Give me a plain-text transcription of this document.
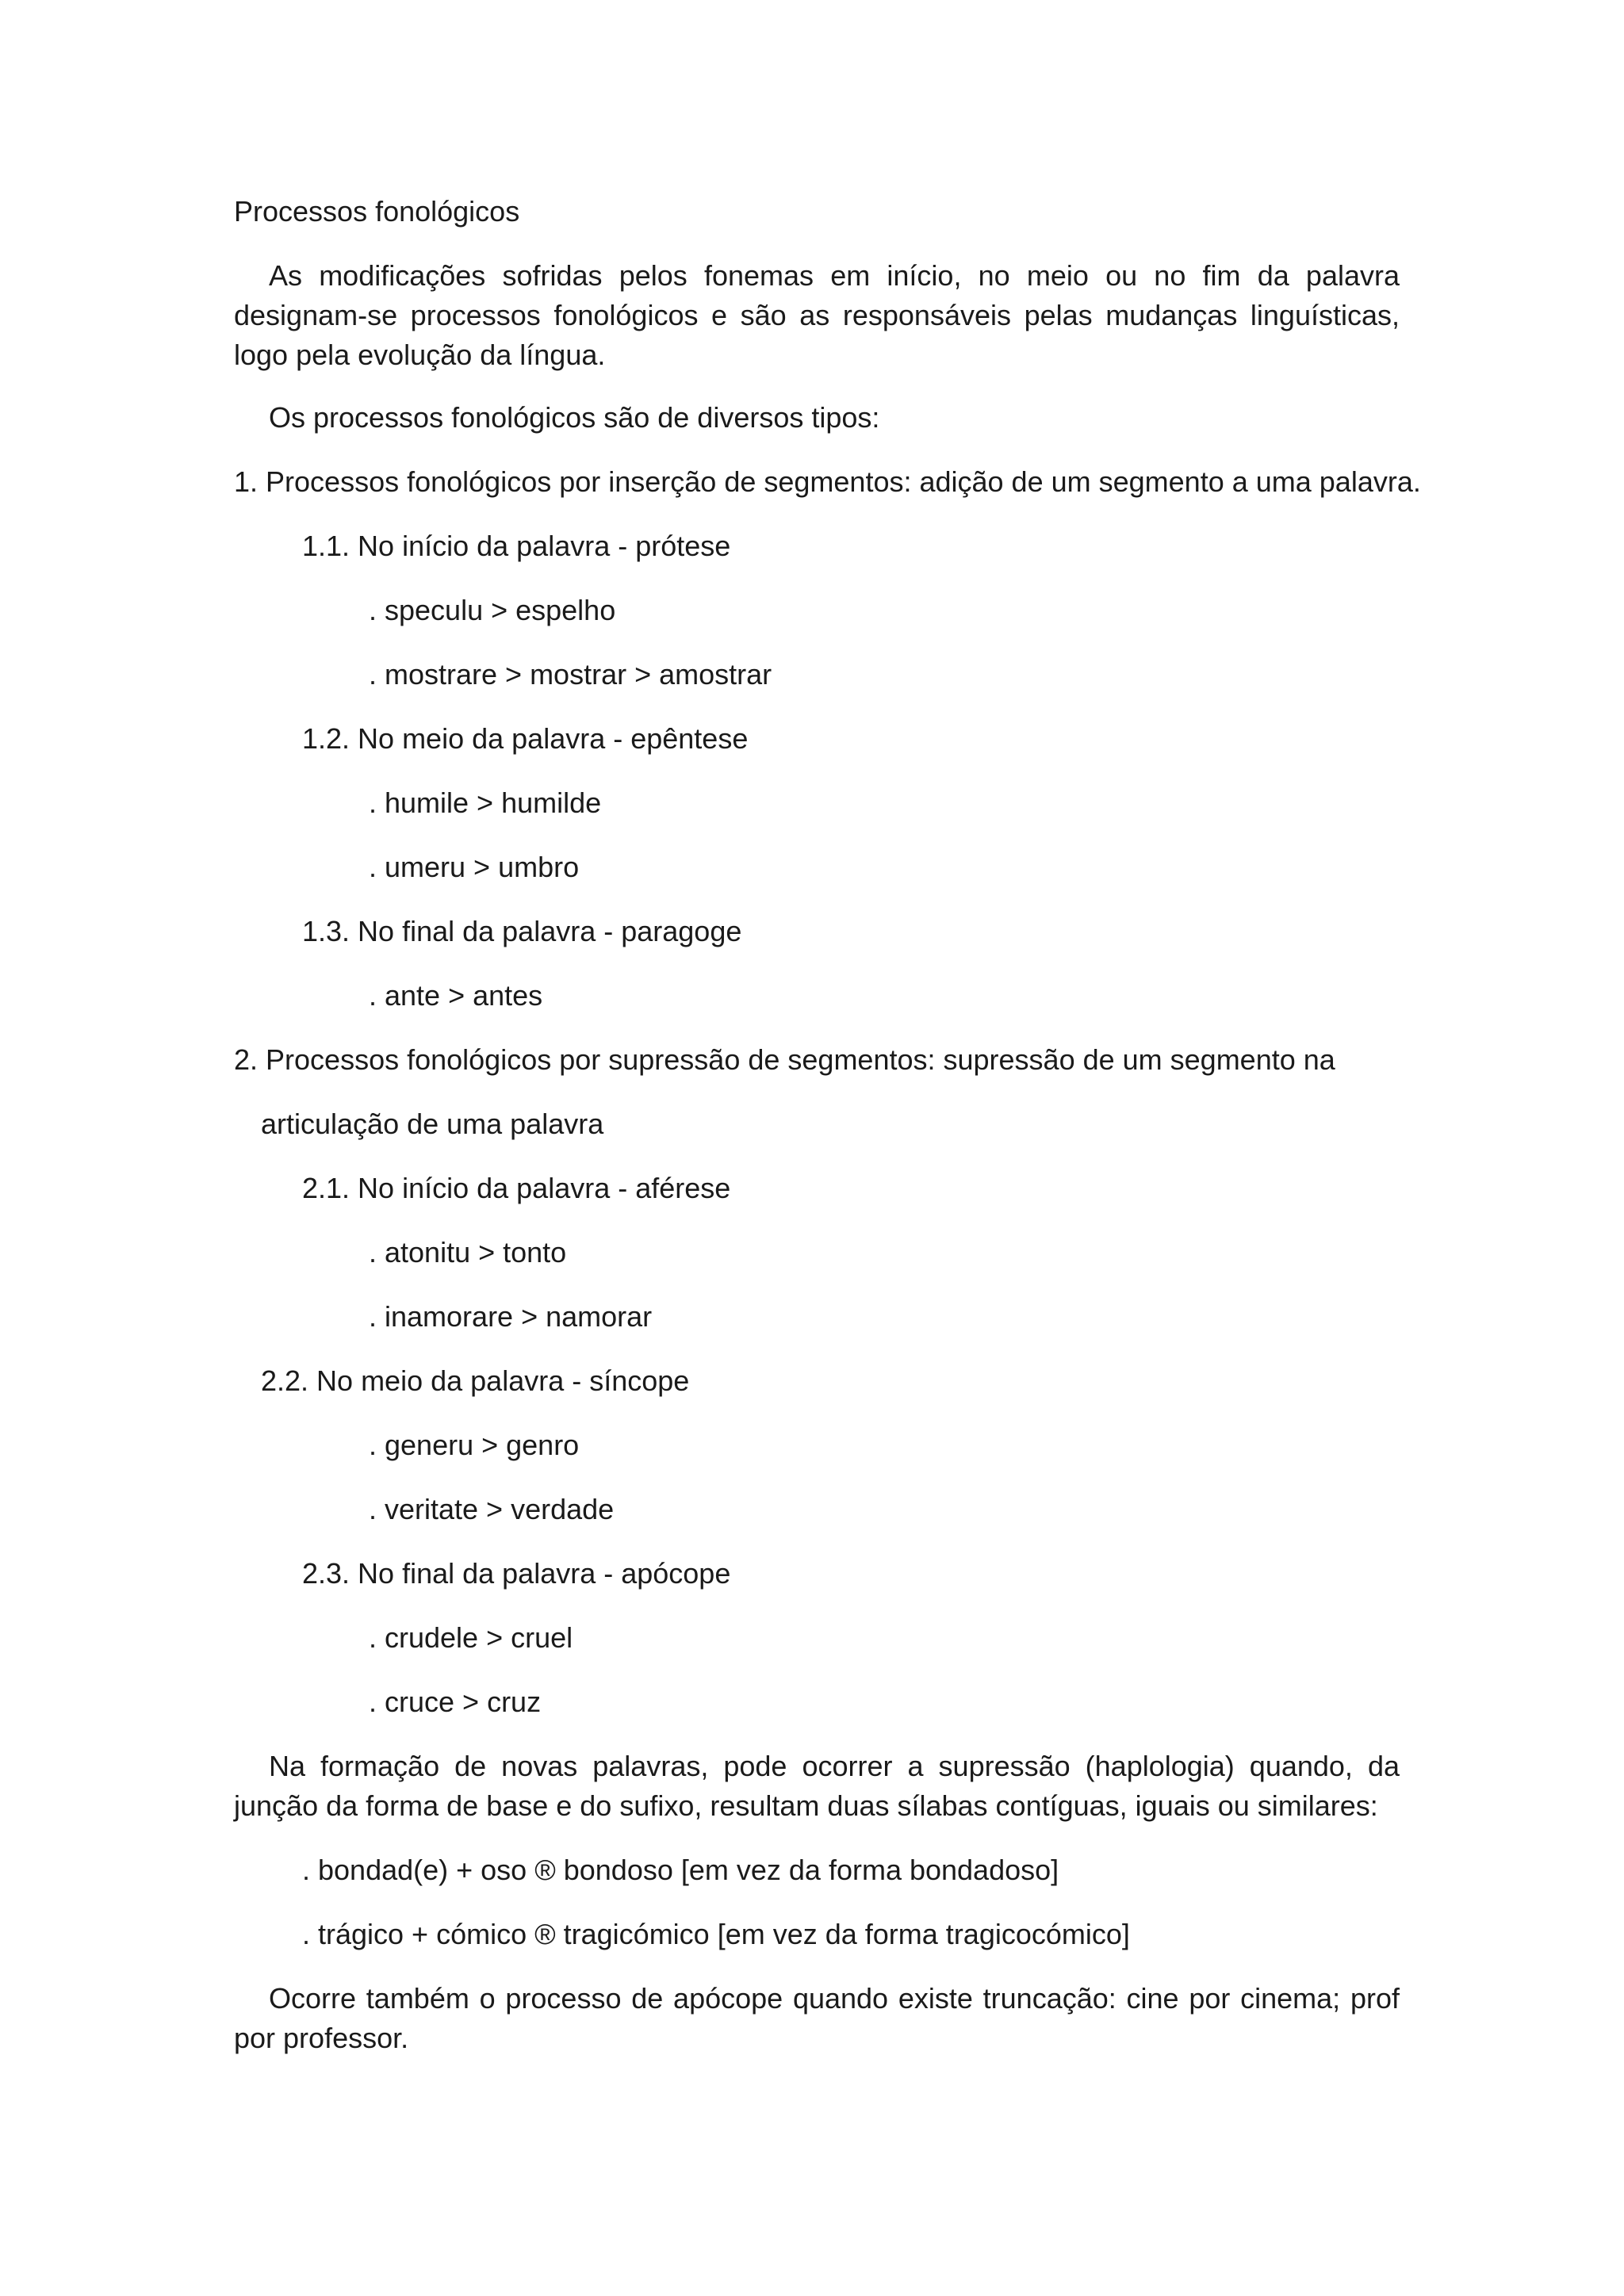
Processos fonológicos
As modificações sofridas pelos fonemas em início, no meio ou no fim da palavra designam-se processos fonológicos e são as responsáveis pelas mudanças linguísticas, logo pela evolução da língua.
Os processos fonológicos são de diversos tipos:
1. Processos fonológicos por inserção de segmentos: adição de um segmento a uma palavra.
1.1. No início da palavra - prótese
. speculu > espelho
. mostrare > mostrar > amostrar
1.2. No meio da palavra - epêntese
. humile > humilde
. umeru > umbro
1.3. No final da palavra - paragoge
. ante > antes
2. Processos fonológicos por supressão de segmentos: supressão de um segmento na
articulação de uma palavra
2.1. No início da palavra - aférese
. atonitu > tonto
. inamorare > namorar
2.2. No meio da palavra - síncope
. generu > genro
. veritate > verdade
2.3. No final da palavra - apócope
. crudele > cruel
. cruce > cruz
Na formação de novas palavras, pode ocorrer a supressão (haplologia) quando, da junção da forma de base e do sufixo, resultam duas sílabas contíguas, iguais ou similares:
. bondad(e) + oso ® bondoso [em vez da forma bondadoso]
. trágico + cómico ® tragicómico [em vez da forma tragicocómico]
Ocorre também o processo de apócope quando existe truncação: cine por cinema; prof por professor.
